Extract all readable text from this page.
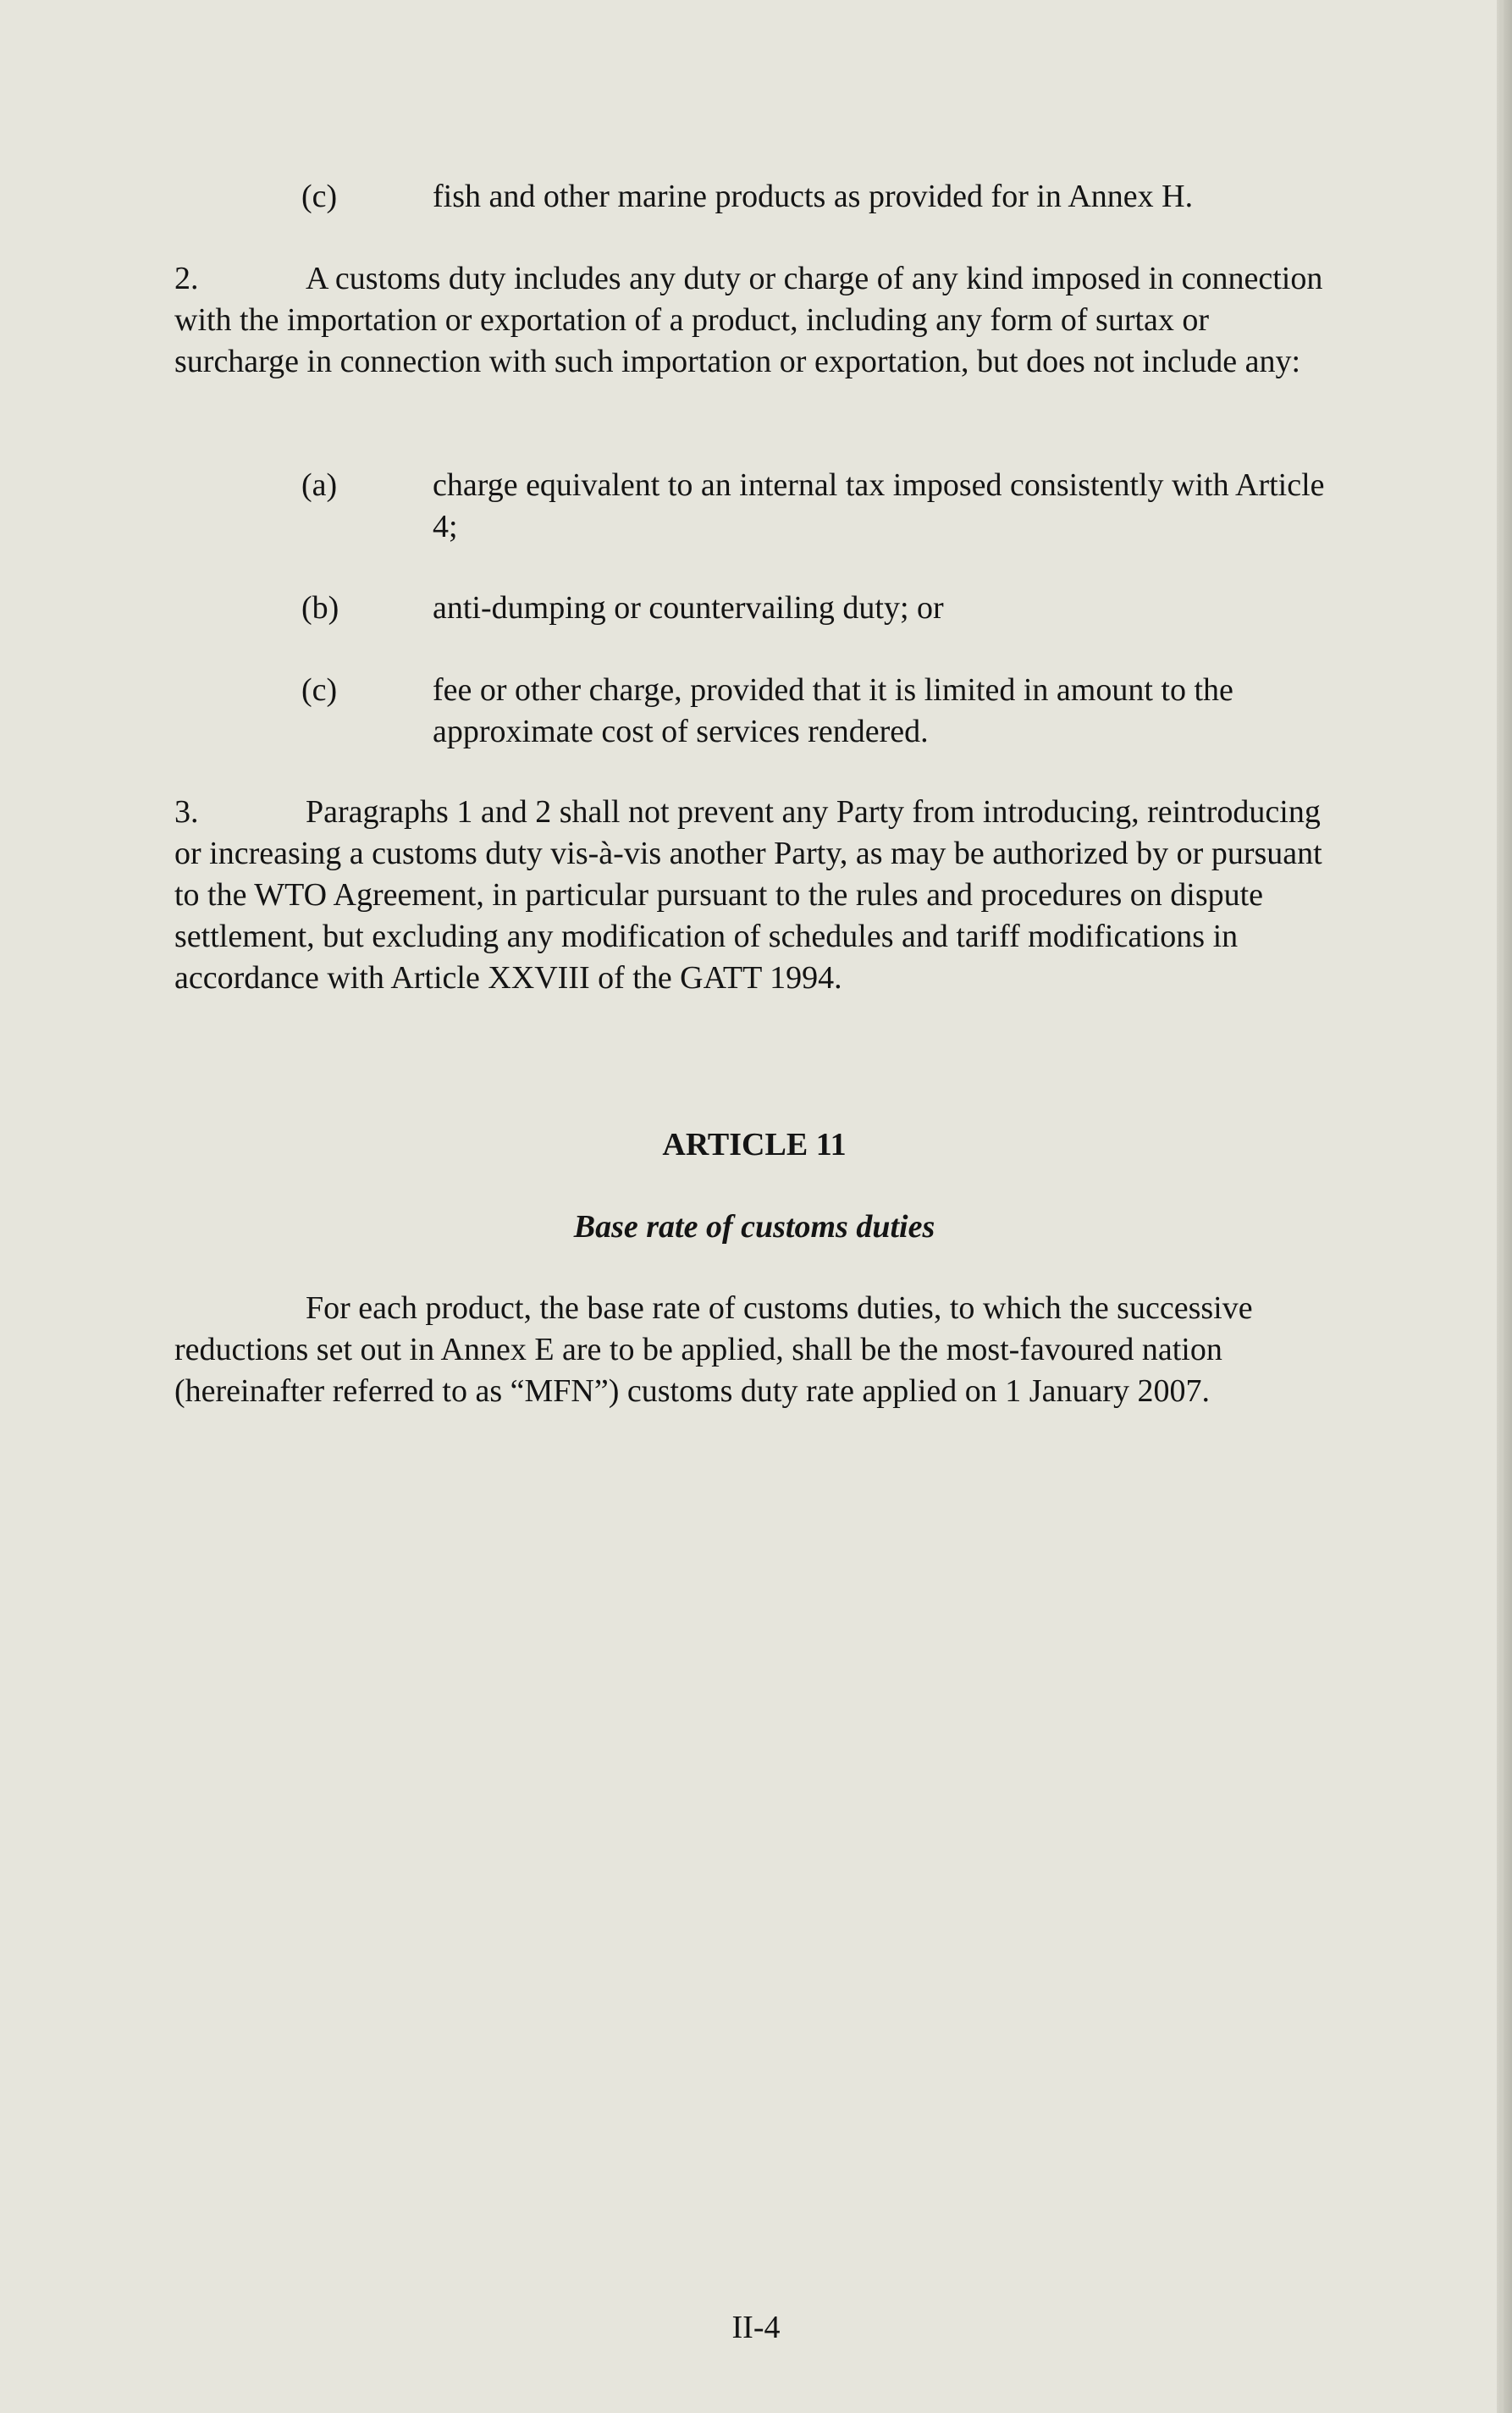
(c)	fish and other marine products as provided for in Annex H.

2.	A customs duty includes any duty or charge of any kind imposed in connection with the importation or exportation of a product, including any form of surtax or surcharge in connection with such importation or exportation, but does not include any:

(a)	charge equivalent to an internal tax imposed consistently with Article 4;
(b)	anti-dumping or countervailing duty; or
(c)	fee or other charge, provided that it is limited in amount to the approximate cost of services rendered.

3.	Paragraphs 1 and 2 shall not prevent any Party from introducing, reintroducing or increasing a customs duty vis-à-vis another Party, as may be authorized by or pursuant to the WTO Agreement, in particular pursuant to the rules and procedures on dispute settlement, but excluding any modification of schedules and tariff modifications in accordance with Article XXVIII of the GATT 1994.

ARTICLE 11
Base rate of customs duties

For each product, the base rate of customs duties, to which the successive reductions set out in Annex E are to be applied, shall be the most-favoured nation (hereinafter referred to as “MFN”) customs duty rate applied on 1 January 2007.

II-4
